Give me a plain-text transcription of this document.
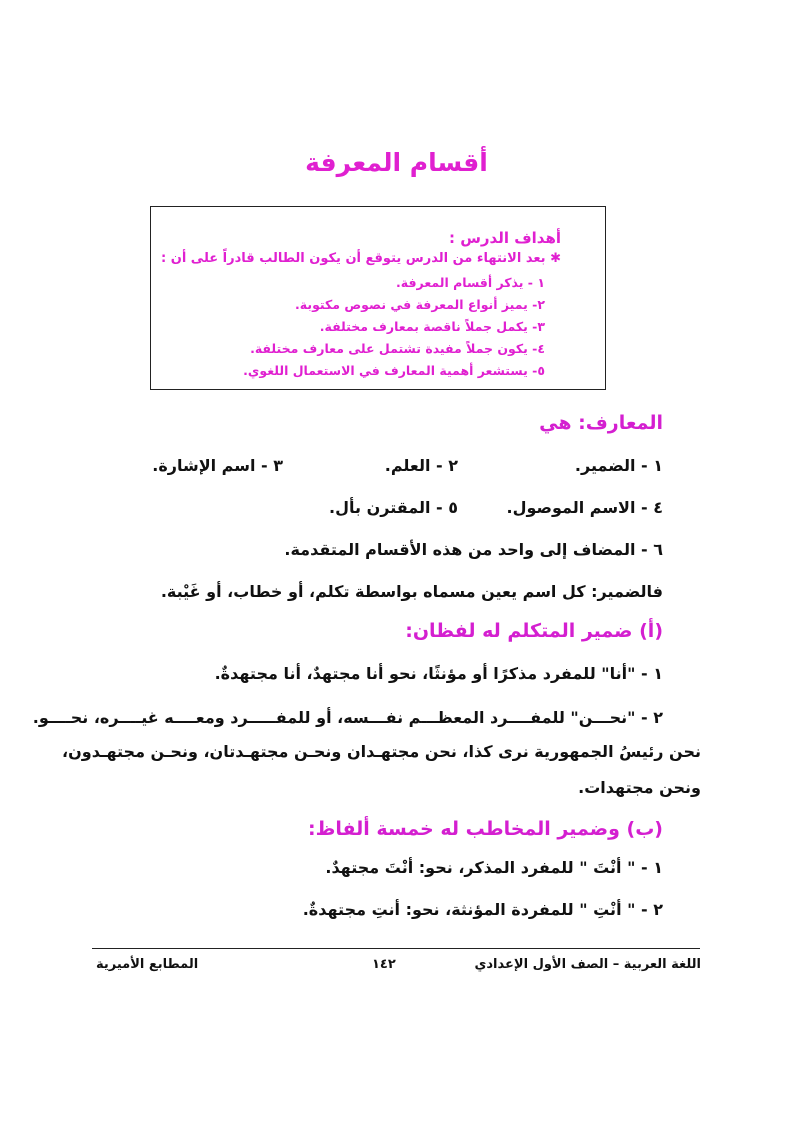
أقسام المعرفة
أهداف الدرس :
✱ بعد الانتهاء من الدرس يتوقع أن يكون الطالب قادراً على أن :
١ - يذكر أقسام المعرفة.
٢- يميز أنواع المعرفة في نصوص مكتوبة.
٣- يكمل جملاً ناقصة بمعارف مختلفة.
٤- يكون جملاً مفيدة تشتمل على معارف مختلفة.
٥- يستشعر أهمية المعارف في الاستعمال اللغوي.
المعارف: هي
١ - الضمير.
٢ - العلم.
٣ - اسم الإشارة.
٤ - الاسم الموصول.
٥ - المقترن بأل.
٦ - المضاف إلى واحد من هذه الأقسام المتقدمة.
فالضمير: كل اسم يعين مسماه بواسطة تكلم، أو خطاب، أو غَيْبة.
(أ) ضمير المتكلم له لفظان:
١ - "أنا" للمفرد مذكرًا أو مؤنثًا، نحو أنا مجتهدٌ، أنا مجتهدةٌ.
٢ - "نحـــن" للمفــــرد المعظـــم نفـــسه، أو للمفـــــرد ومعــــه غيــــره، نحــــو.
نحن رئيسُ الجمهورية نرى كذا، نحن مجتهـدان ونحـن مجتهـدتان، ونحـن مجتهـدون،
ونحن مجتهدات.
(ب) وضمير المخاطب له خمسة ألفاظ:
١ - " أنْتَ " للمفرد المذكر، نحو: أنْتَ مجتهدٌ.
٢ - " أنْتِ " للمفردة المؤنثة، نحو: أنتِ مجتهدةٌ.
اللغة العربية – الصف الأول الإعدادي
١٤٢
المطابع الأميرية
